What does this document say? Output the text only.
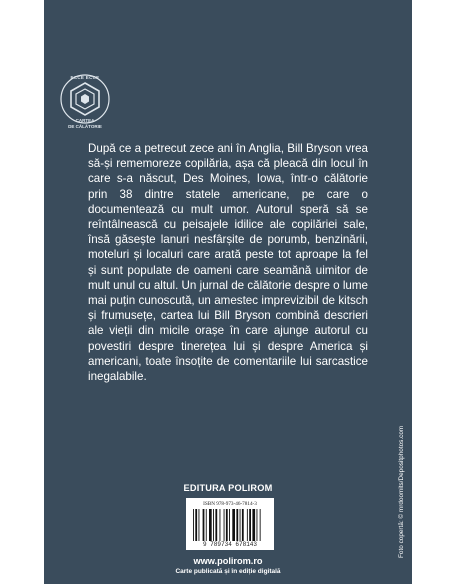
ECCE ECCE
CARTEA
DE CĂLĂTORIE

După ce a petrecut zece ani în Anglia, Bill Bryson vrea să-și rememoreze copilăria, așa că pleacă din locul în care s-a născut, Des Moines, Iowa, într-o călătorie prin 38 dintre statele americane, pe care o documentează cu mult umor. Autorul speră să se reîntâlnească cu peisajele idilice ale copilăriei sale, însă găsește lanuri nesfârșite de porumb, benzinării, moteluri și localuri care arată peste tot aproape la fel și sunt populate de oameni care seamănă uimitor de mult unul cu altul. Un jurnal de călătorie despre o lume mai puțin cunoscută, un amestec imprevizibil de kitsch și frumusețe, cartea lui Bill Bryson combină descrieri ale vieții din micile orașe în care ajunge autorul cu povestiri despre tinerețea lui și despre America și americani, toate însoțite de comentariile lui sarcastice inegalabile.

EDITURA POLIROM
ISBN 978-973-46-7814-3
9 789734 678143
www.polirom.ro
Carte publicată și în ediție digitală
Foto copertă: © mrdoomits/Depositphotos.com
